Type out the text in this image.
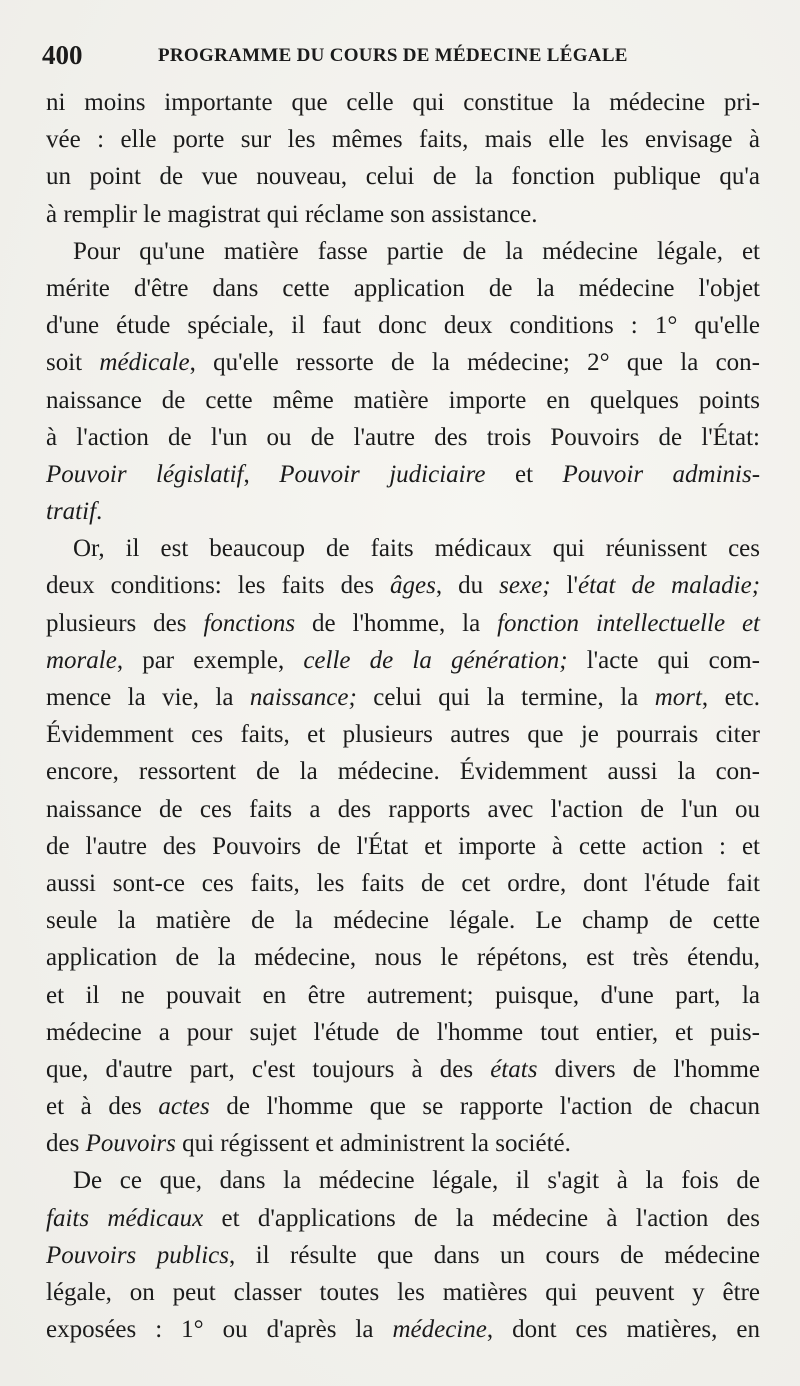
400	PROGRAMME DU COURS DE MÉDECINE LÉGALE
ni moins importante que celle qui constitue la médecine pri-
vée : elle porte sur les mêmes faits, mais elle les envisage à
un point de vue nouveau, celui de la fonction publique qu'a
à remplir le magistrat qui réclame son assistance.
Pour qu'une matière fasse partie de la médecine légale, et
mérite d'être dans cette application de la médecine l'objet
d'une étude spéciale, il faut donc deux conditions : 1° qu'elle
soit médicale, qu'elle ressorte de la médecine; 2° que la con-
naissance de cette même matière importe en quelques points
à l'action de l'un ou de l'autre des trois Pouvoirs de l'État:
Pouvoir législatif, Pouvoir judiciaire et Pouvoir adminis-
tratif.
Or, il est beaucoup de faits médicaux qui réunissent ces
deux conditions: les faits des âges, du sexe; l'état de maladie;
plusieurs des fonctions de l'homme, la fonction intellectuelle et
morale, par exemple, celle de la génération; l'acte qui com-
mence la vie, la naissance; celui qui la termine, la mort, etc.
Évidemment ces faits, et plusieurs autres que je pourrais citer
encore, ressortent de la médecine. Évidemment aussi la con-
naissance de ces faits a des rapports avec l'action de l'un ou
de l'autre des Pouvoirs de l'État et importe à cette action : et
aussi sont-ce ces faits, les faits de cet ordre, dont l'étude fait
seule la matière de la médecine légale. Le champ de cette
application de la médecine, nous le répétons, est très étendu,
et il ne pouvait en être autrement; puisque, d'une part, la
médecine a pour sujet l'étude de l'homme tout entier, et puis-
que, d'autre part, c'est toujours à des états divers de l'homme
et à des actes de l'homme que se rapporte l'action de chacun
des Pouvoirs qui régissent et administrent la société.
De ce que, dans la médecine légale, il s'agit à la fois de
faits médicaux et d'applications de la médecine à l'action des
Pouvoirs publics, il résulte que dans un cours de médecine
légale, on peut classer toutes les matières qui peuvent y être
exposées : 1° ou d'après la médecine, dont ces matières, en
